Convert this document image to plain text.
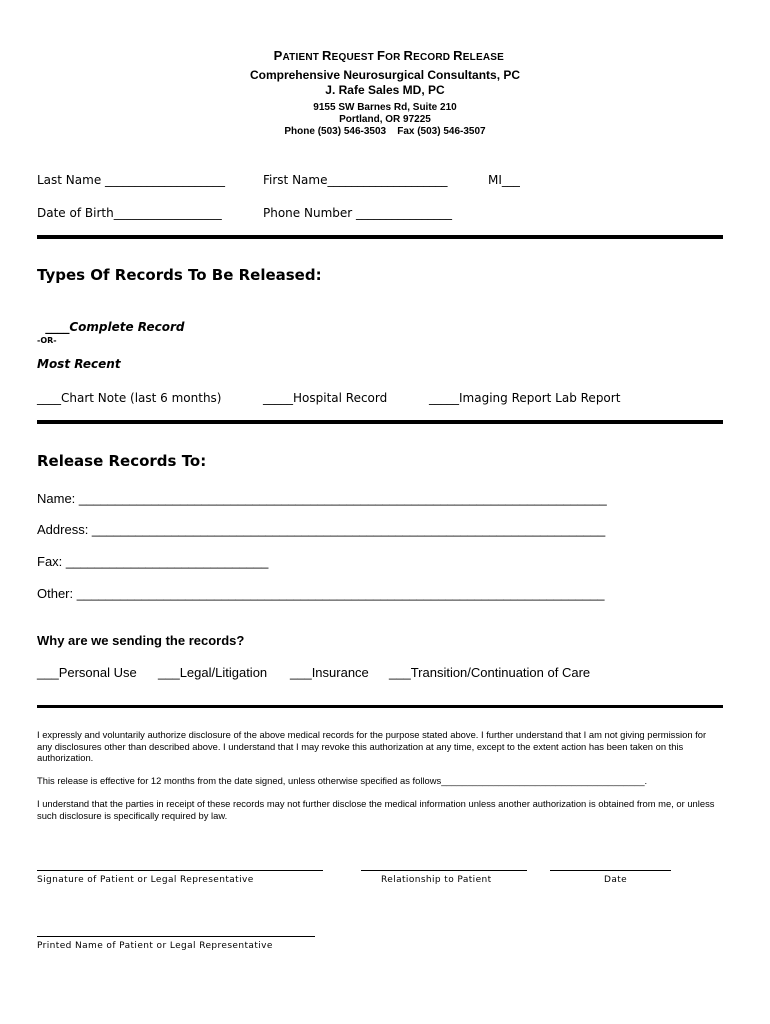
PATIENT REQUEST FOR RECORD RELEASE

Comprehensive Neurosurgical Consultants, PC
J. Rafe Sales MD, PC
9155 SW Barnes Rd, Suite 210
Portland, OR 97225
Phone (503) 546-3503    Fax (503) 546-3507
Last Name ____________________	First Name____________________	MI___
Date of Birth__________________	Phone Number ________________
Types Of Records To Be Released:

____Complete Record

-OR-
Most Recent
____Chart Note (last 6 months)	_____Hospital Record	_____Imaging Report Lab Report
Release Records To:
Name: _________________________________________________________________________
Address: _______________________________________________________________________
Fax: ____________________________
Other: _________________________________________________________________________
Why are we sending the records?
___Personal Use ___Legal/Litigation ___Insurance ___Transition/Continuation of Care
I expressly and voluntarily authorize disclosure of the above medical records for the purpose stated above. I further understand that I am not giving permission for any disclosures other than described above. I understand that I may revoke this authorization at any time, except to the extent action has been taken on this authorization.
This release is effective for 12 months from the date signed, unless otherwise specified as follows_______________________________________.
I understand that the parties in receipt of these records may not further disclose the medical information unless another authorization is obtained from me, or unless such disclosure is specifically required by law.
Signature of Patient or Legal Representative	Relationship to Patient	Date
Printed Name of Patient or Legal Representative
